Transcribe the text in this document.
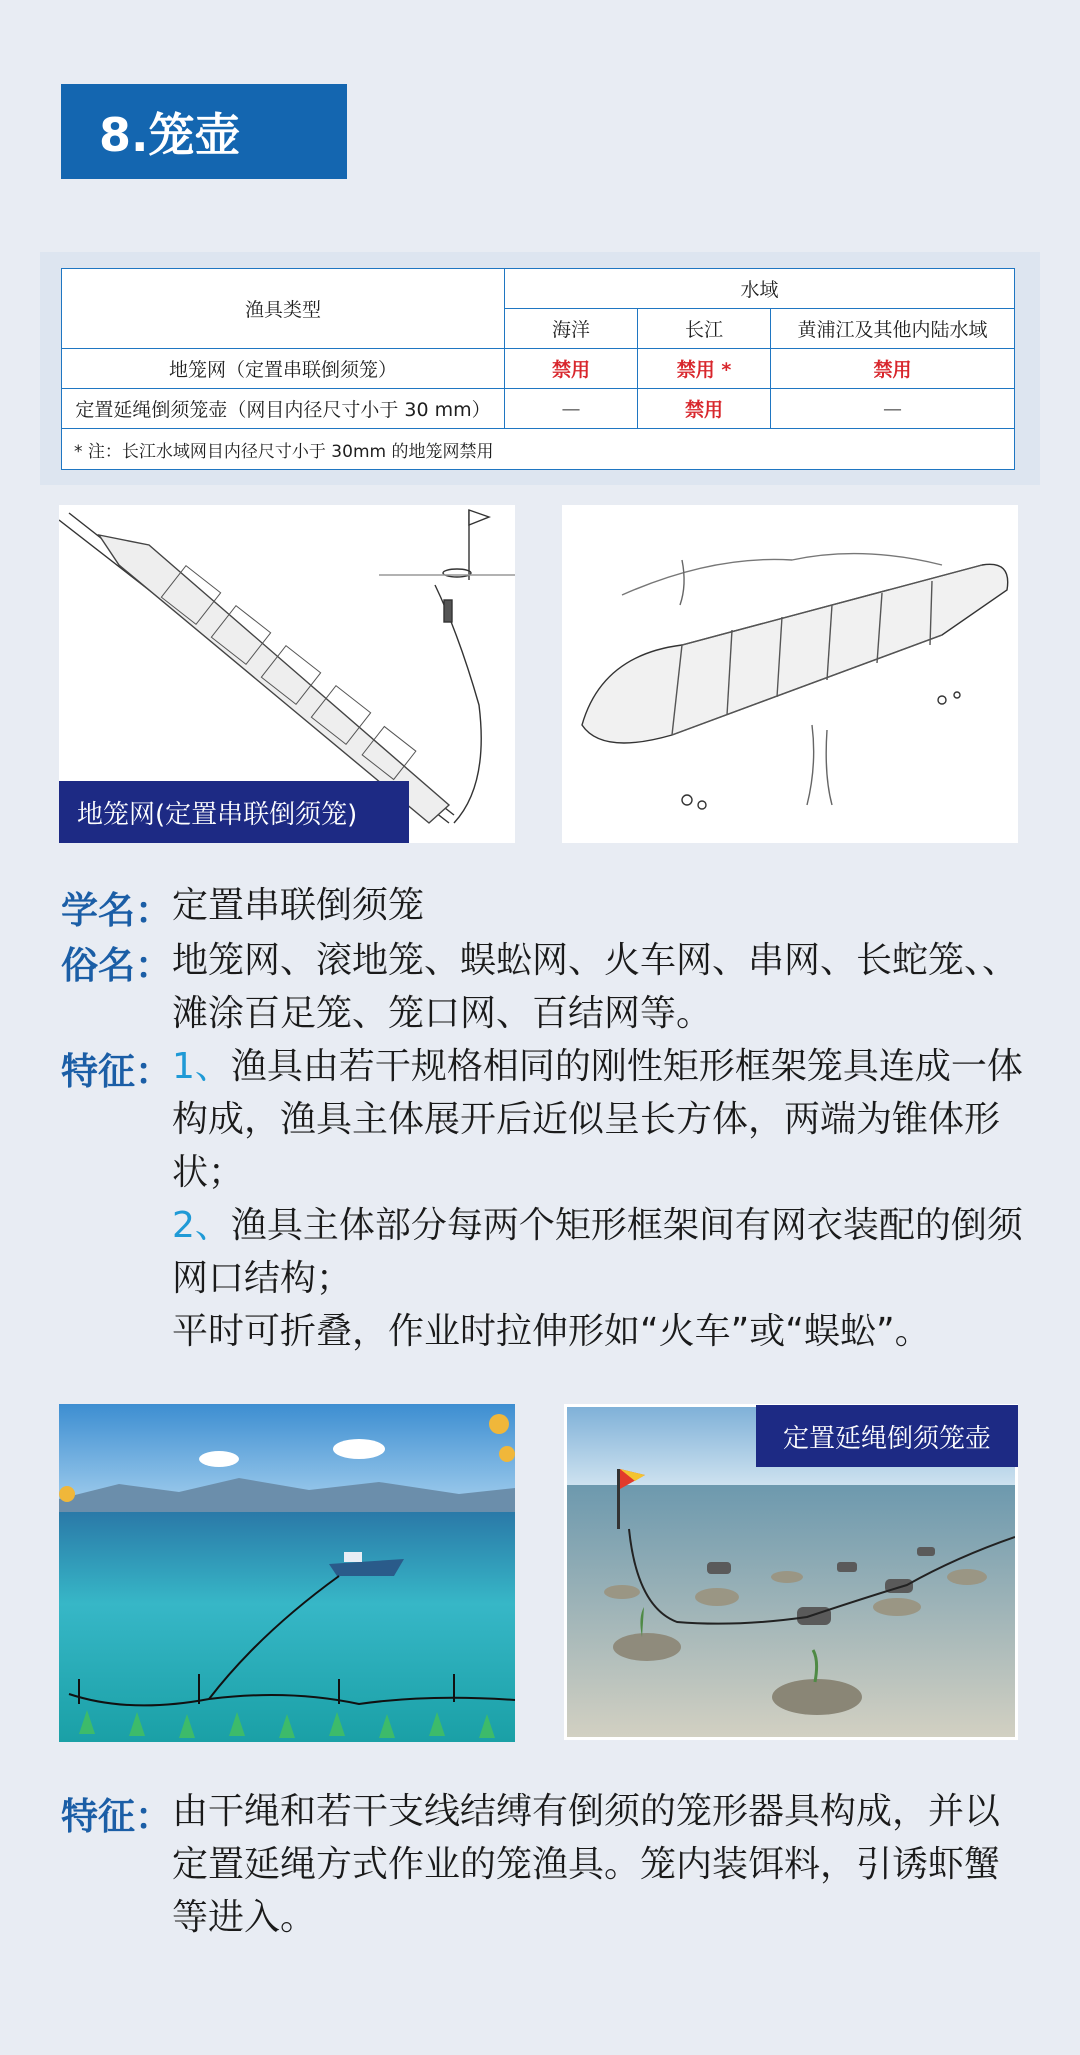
8.笼壶
渔具类型	水域		
	海洋	长江	黄浦江及其他内陆水域
地笼网（定置串联倒须笼）	禁用	禁用 *	禁用
定置延绳倒须笼壶（网目内径尺寸小于 30 mm）	—	禁用	—
* 注：长江水域网目内径尺寸小于 30mm 的地笼网禁用			
地笼网(定置串联倒须笼)
学名： 定置串联倒须笼
俗名： 地笼网、滚地笼、蜈蚣网、火车网、串网、长蛇笼、、滩涂百足笼、笼口网、百结网等。
特征： 1、渔具由若干规格相同的刚性矩形框架笼具连成一体构成，渔具主体展开后近似呈长方体，两端为锥体形状；
2、渔具主体部分每两个矩形框架间有网衣装配的倒须网口结构；
平时可折叠，作业时拉伸形如“火车”或“蜈蚣”。
定置延绳倒须笼壶
特征： 由干绳和若干支线结缚有倒须的笼形器具构成，并以定置延绳方式作业的笼渔具。笼内装饵料，引诱虾蟹等进入。
